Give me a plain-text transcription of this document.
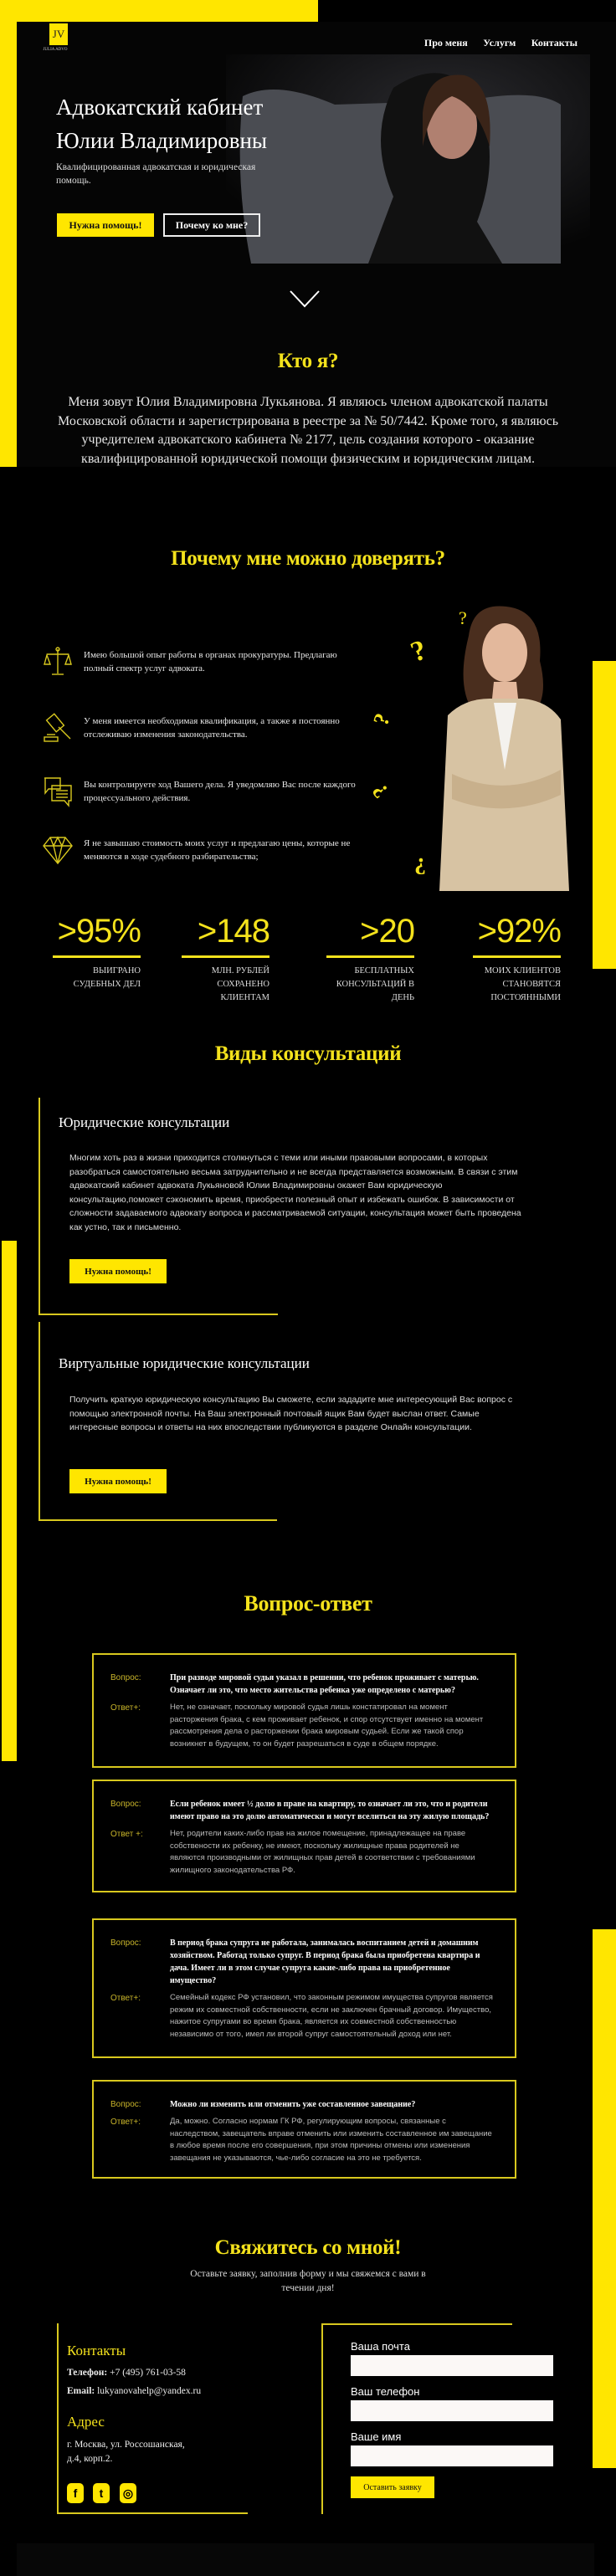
JV
JULIA ADVO
Про меня Услугм Контакты
Адвокатский кабинет
Юлии Владимировны

Квалифицированная адвокатская и юридическая помощь.

Нужна помощь!	Почему ко мне?
Кто я?

Меня зовут Юлия Владимировна Лукьянова. Я являюсь членом адвокатской палаты Московской области и зарегистрирована в реестре за № 50/7442. Кроме того, я являюсь учредителем адвокатского кабинета № 2177, цель создания которого - оказание квалифицированной юридической помощи физическим и юридическим лицам.

Почему мне можно доверять?

Имею большой опыт работы в органах прокуратуры. Предлагаю полный спектр услуг адвоката.

У меня имеется необходимая квалификация, а также я постоянно отслеживаю изменения законодательства.

Вы контролируете ход Вашего дела. Я уведомляю Вас после каждого процессуального действия.

Я не завышаю стоимость моих услуг и предлагаю цены, которые не меняются в ходе судебного разбирательства;

?
?
?
?
¿
>95%
ВЫИГРАНО СУДЕБНЫХ ДЕЛ
>148
МЛН. РУБЛЕЙ СОХРАНЕНО КЛИЕНТАМ
>20
БЕСПЛАТНЫХ КОНСУЛЬТАЦИЙ В ДЕНЬ
>92%
МОИХ КЛИЕНТОВ СТАНОВЯТСЯ ПОСТОЯННЫМИ
Виды консультаций
Юридические консультации

Многим хоть раз в жизни приходится столкнуться с теми или иными правовыми вопросами, в которых разобраться самостоятельно весьма затруднительно и не всегда представляется возможным. В связи с этим адвокатский кабинет адвоката Лукьяновой Юлии Владимировны окажет Вам юридическую консультацию,поможет сэкономить время, приобрести полезный опыт и избежать ошибок. В зависимости от сложности задаваемого адвокату вопроса и рассматриваемой ситуации, консультация может быть проведена как устно, так и письменно.

Нужна помощь!
Виртуальные юридические консультации

Получить краткую юридическую консультацию Вы сможете, если зададите мне интересующий Вас вопрос с помощью электронной почты. На Ваш электронный почтовый ящик Вам будет выслан ответ. Самые интересные вопросы и ответы на них впоследствии публикуются в разделе Онлайн консультации.

Нужна помощь!
Вопрос-ответ
Вопрос:	При разводе мировой судья указал в решении, что ребенок проживает с матерью. Означает ли это, что место жительства ребенка уже определено с матерью?
Ответ+:	Нет, не означает, поскольку мировой судья лишь констатировал на момент расторжения брака, с кем проживает ребенок, и спор отсутствует именно на момент рассмотрения дела о расторжении брака мировым судьей. Если же такой спор возникнет в будущем, то он будет разрешаться в суде в общем порядке.
Вопрос:	Если ребенок имеет ½ долю в праве на квартиру, то означает ли это, что и родители имеют право на это долю автоматически и могут вселиться на эту жилую площадь?
Ответ +:	Нет, родители каких-либо прав на жилое помещение, принадлежащее на праве собствености их ребенку, не имеют, поскольку жилищные права родителей не являются производными от жилищных прав детей в соответствии с требованиями жилищного законодательства РФ.
Вопрос:	В период брака супруга не работала, занималась воспитанием детей и домашним хозяйством. Работад только супруг. В период брака была приобретена квартира и дача. Имеет ли в этом случае супруга какие-либо права на приобретенное имущество?
Ответ+:	Семейный кодекс РФ установил, что законным режимом имущества супругов является режим их совместной собственности, если не заключен брачный договор. Имущество, нажитое супругами во время брака, является их совместной собственностью независимо от того, имел ли второй супруг самостоятельный доход или нет.
Вопрос:	Можно ли изменить или отменить уже составленное завещание?
Ответ+:	Да, можно. Согласно нормам ГК РФ, регулирующим вопросы, связанные с наследством, завещатель вправе отменить или изменить составленное им завещание в любое время после его совершения, при этом причины отмены или изменения завещания не указываются, чье-либо согласие на это не требуется.
Свяжитесь со мной!

Оставьте заявку, заполнив форму и мы свяжемся с вами в течении дня!

Контакты
Телефон: +7 (495) 761-03-58
Email: lukyanovahelp@yandex.ru
Адрес
г. Москва, ул. Россошанская,
д.4, корп.2.
f	t	◎
Ваша почта
Ваш телефон
Ваше имя
Оставить заявку
